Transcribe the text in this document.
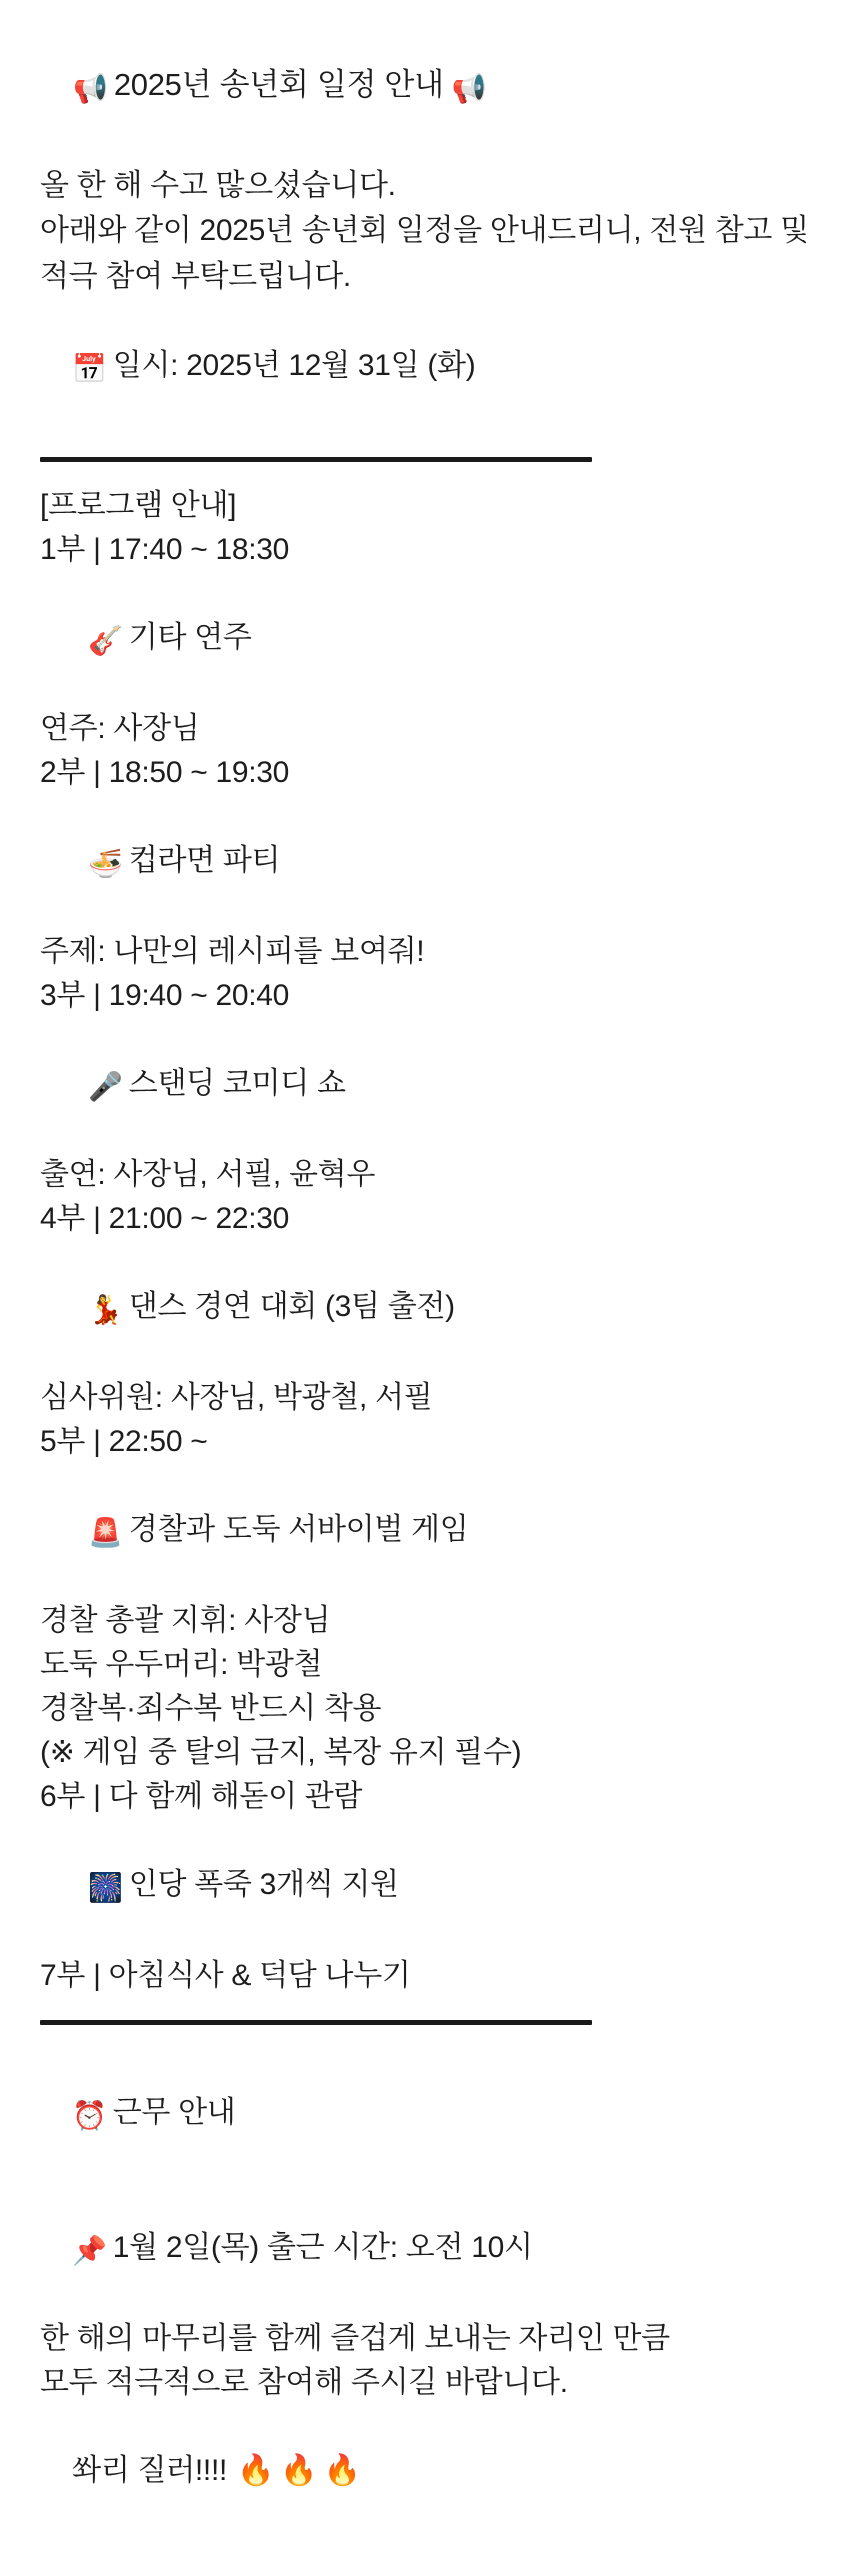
📢 2025년 송년회 일정 안내 📢

올 한 해 수고 많으셨습니다.
아래와 같이 2025년 송년회 일정을 안내드리니, 전원 참고 및 적극 참여 부탁드립니다.

📅 일시: 2025년 12월 31일 (화)

[프로그램 안내]
1부 | 17:40 ~ 18:30

🎸 기타 연주

연주: 사장님
2부 | 18:50 ~ 19:30

🍜 컵라면 파티

주제: 나만의 레시피를 보여줘!
3부 | 19:40 ~ 20:40

🎤 스탠딩 코미디 쇼

출연: 사장님, 서필, 윤혁우
4부 | 21:00 ~ 22:30

💃 댄스 경연 대회 (3팀 출전)

심사위원: 사장님, 박광철, 서필
5부 | 22:50 ~

🚨 경찰과 도둑 서바이벌 게임

경찰 총괄 지휘: 사장님
도둑 우두머리: 박광철
경찰복·죄수복 반드시 착용
(※ 게임 중 탈의 금지, 복장 유지 필수)
6부 | 다 함께 해돋이 관람

🎆 인당 폭죽 3개씩 지원

7부 | 아침식사 & 덕담 나누기

⏰ 근무 안내

📌 1월 2일(목) 출근 시간: 오전 10시

한 해의 마무리를 함께 즐겁게 보내는 자리인 만큼
모두 적극적으로 참여해 주시길 바랍니다.

쏴리 질러!!!! 🔥🔥🔥
